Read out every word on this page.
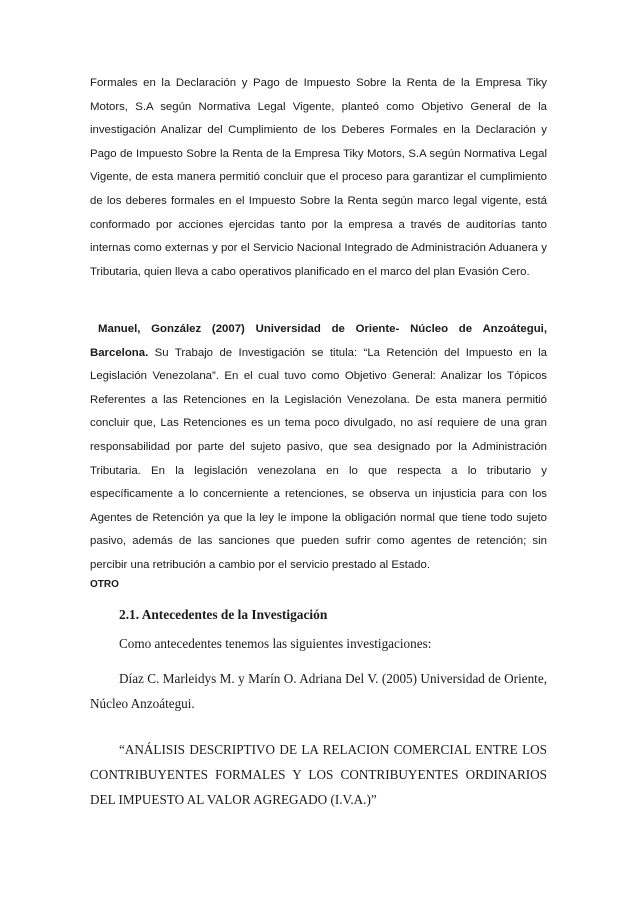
Formales en la Declaración y Pago de Impuesto Sobre la Renta de la Empresa Tiky Motors, S.A según Normativa Legal Vigente, planteó como Objetivo General de la investigación Analizar del Cumplimiento de los Deberes Formales en la Declaración y Pago de Impuesto Sobre la Renta de la Empresa Tiky Motors, S.A según Normativa Legal Vigente, de esta manera permitió concluir que el proceso para garantizar el cumplimiento de los deberes formales en el Impuesto Sobre la Renta según marco legal vigente, está conformado por acciones ejercidas tanto por la empresa a través de auditorías tanto internas como externas y por el Servicio Nacional Integrado de Administración Aduanera y Tributaria, quien lleva a cabo operativos planificado en el marco del plan Evasión Cero.

Manuel, González (2007) Universidad de Oriente- Núcleo de Anzoátegui, Barcelona. Su Trabajo de Investigación se titula: “La Retención del Impuesto en la Legislación Venezolana”. En el cual tuvo como Objetivo General: Analizar los Tópicos Referentes a las Retenciones en la Legislación Venezolana. De esta manera permitió concluir que, Las Retenciones es un tema poco divulgado, no así requiere de una gran responsabilidad por parte del sujeto pasivo, que sea designado por la Administración Tributaria. En la legislación venezolana en lo que respecta a lo tributario y específicamente a lo concerniente a retenciones, se observa un injusticia para con los Agentes de Retención ya que la ley le impone la obligación normal que tiene todo sujeto pasivo, además de las sanciones que pueden sufrir como agentes de retención; sin percibir una retribución a cambio por el servicio prestado al Estado.

OTRO

2.1. Antecedentes de la Investigación

Como antecedentes tenemos las siguientes investigaciones:

Díaz C. Marleidys M. y Marín O. Adriana Del V. (2005) Universidad de Oriente, Núcleo Anzoátegui.

“ANÁLISIS DESCRIPTIVO DE LA RELACION COMERCIAL ENTRE LOS CONTRIBUYENTES FORMALES Y LOS CONTRIBUYENTES ORDINARIOS DEL IMPUESTO AL VALOR AGREGADO (I.V.A.)”
